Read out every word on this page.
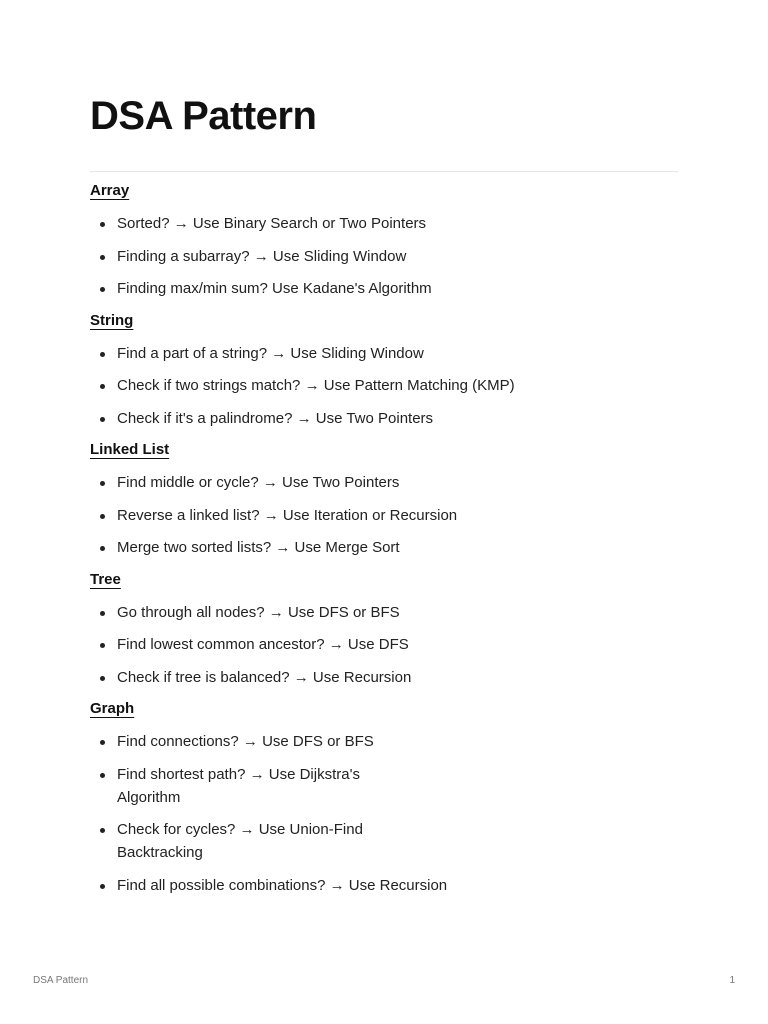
DSA Pattern
Array
Sorted? → Use Binary Search or Two Pointers
Finding a subarray? → Use Sliding Window
Finding max/min sum? Use Kadane's Algorithm
String
Find a part of a string? → Use Sliding Window
Check if two strings match? → Use Pattern Matching (KMP)
Check if it's a palindrome? → Use Two Pointers
Linked List
Find middle or cycle? → Use Two Pointers
Reverse a linked list? → Use Iteration or Recursion
Merge two sorted lists? → Use Merge Sort
Tree
Go through all nodes? → Use DFS or BFS
Find lowest common ancestor? → Use DFS
Check if tree is balanced? → Use Recursion
Graph
Find connections? → Use DFS or BFS
Find shortest path? → Use Dijkstra's Algorithm
Check for cycles? → Use Union-Find Backtracking
Find all possible combinations? → Use Recursion
DSA Pattern	1
